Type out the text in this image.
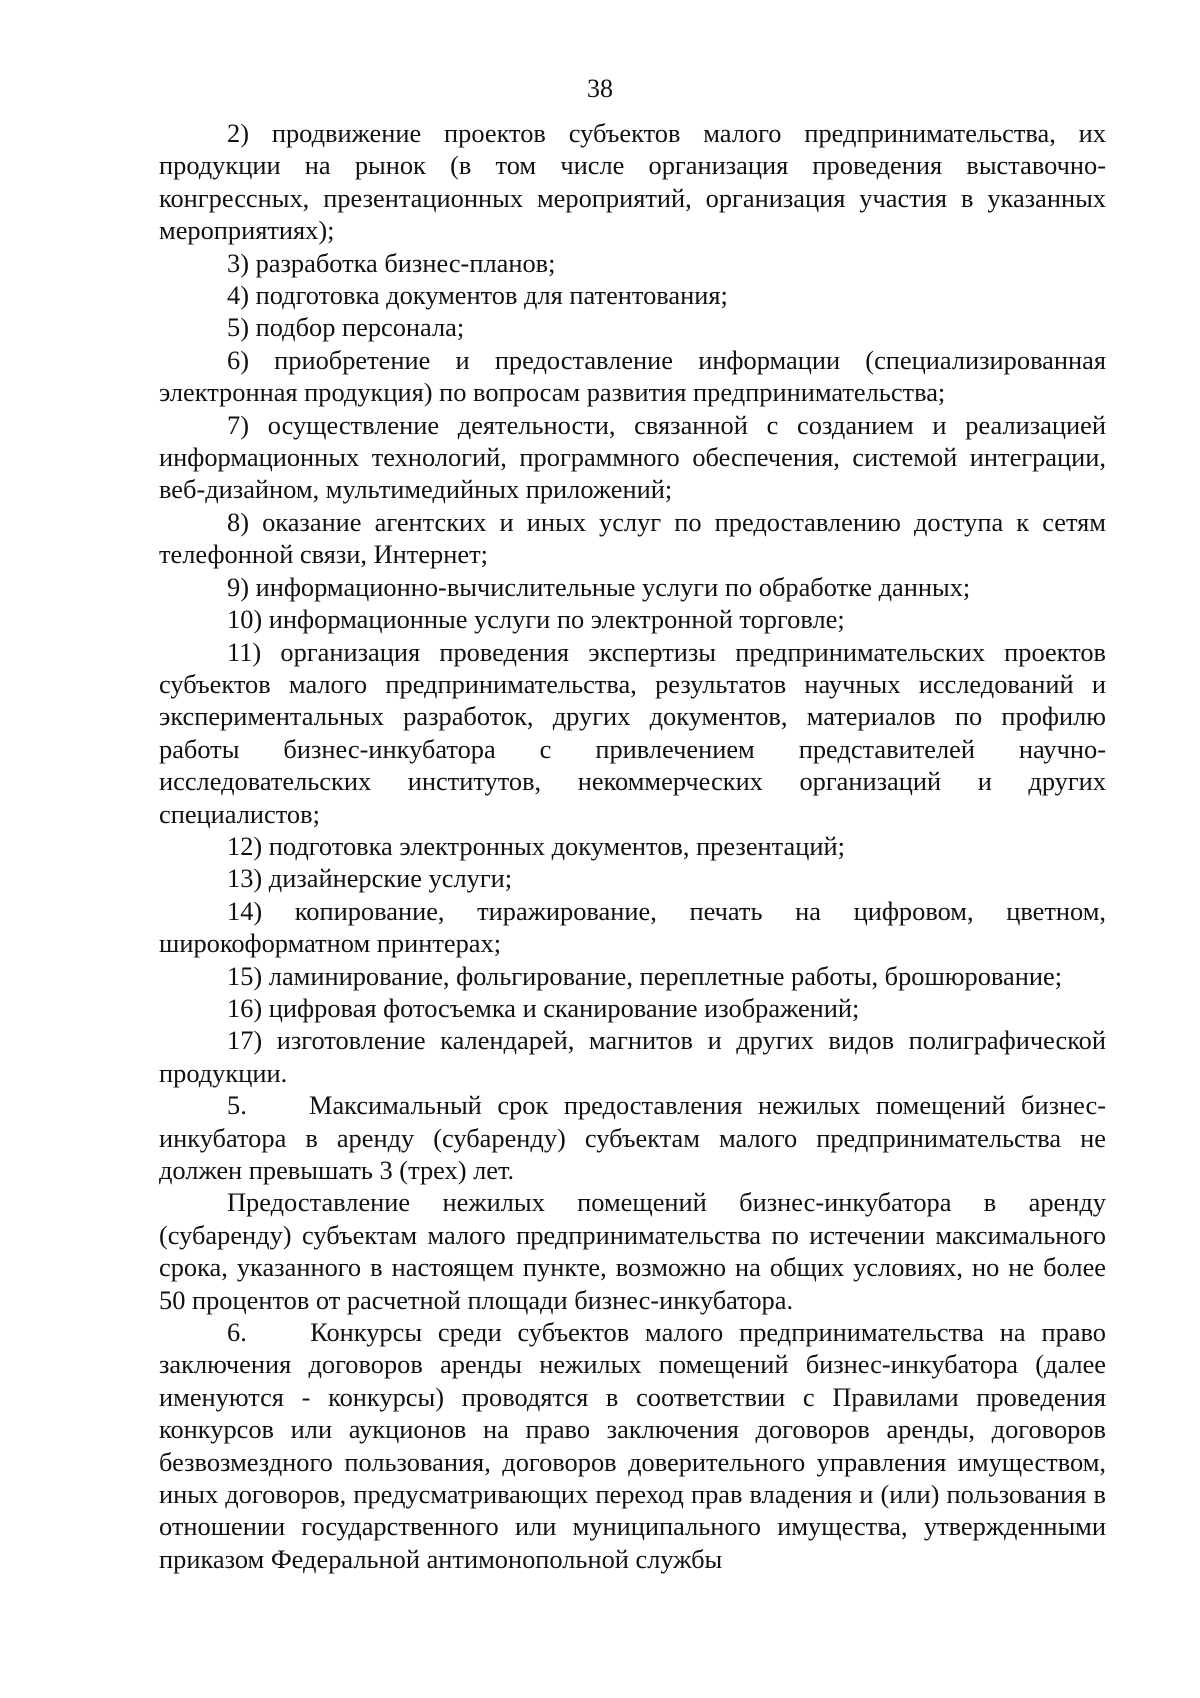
38

2) продвижение проектов субъектов малого предпринимательства, их продукции на рынок (в том числе организация проведения выставочно-конгрессных, презентационных мероприятий, организация участия в указанных мероприятиях);

3) разработка бизнес-планов;

4) подготовка документов для патентования;

5) подбор персонала;

6) приобретение и предоставление информации (специализированная электронная продукция) по вопросам развития предпринимательства;

7) осуществление деятельности, связанной с созданием и реализацией информационных технологий, программного обеспечения, системой интеграции, веб-дизайном, мультимедийных приложений;

8) оказание агентских и иных услуг по предоставлению доступа к сетям телефонной связи, Интернет;

9) информационно-вычислительные услуги по обработке данных;

10) информационные услуги по электронной торговле;

11) организация проведения экспертизы предпринимательских проектов субъектов малого предпринимательства, результатов научных исследований и экспериментальных разработок, других документов, материалов по профилю работы бизнес-инкубатора с привлечением представителей научно-исследовательских институтов, некоммерческих организаций и других специалистов;

12) подготовка электронных документов, презентаций;

13) дизайнерские услуги;

14) копирование, тиражирование, печать на цифровом, цветном, широкоформатном принтерах;

15) ламинирование, фольгирование, переплетные работы, брошюрование;

16) цифровая фотосъемка и сканирование изображений;

17) изготовление календарей, магнитов и других видов полиграфической продукции.

5.    Максимальный срок предоставления нежилых помещений бизнес-инкубатора в аренду (субаренду) субъектам малого предпринимательства не должен превышать 3 (трех) лет.

Предоставление нежилых помещений бизнес-инкубатора в аренду (субаренду) субъектам малого предпринимательства по истечении максимального срока, указанного в настоящем пункте, возможно на общих условиях, но не более 50 процентов от расчетной площади бизнес-инкубатора.

6.    Конкурсы среди субъектов малого предпринимательства на право заключения договоров аренды нежилых помещений бизнес-инкубатора (далее именуются - конкурсы) проводятся в соответствии с Правилами проведения конкурсов или аукционов на право заключения договоров аренды, договоров безвозмездного пользования, договоров доверительного управления имуществом, иных договоров, предусматривающих переход прав владения и (или) пользования в отношении государственного или муниципального имущества, утвержденными приказом Федеральной антимонопольной службы
